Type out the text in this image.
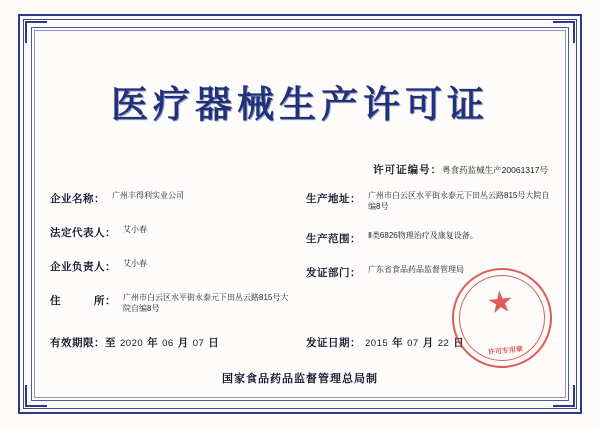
医疗器械生产许可证
许可证编号：粤食药监械生产20061317号
企业名称： 广州丰得利实业公司
法定代表人： 艾小春
企业负责人： 艾小春
住　　　所： 广州市白云区水平街永泰元下田丛云路815号大院自编8号
生产地址： 广州市白云区水平街永泰元下田丛云路815号大院自编8号
生产范围： Ⅱ类6826物理治疗及康复设备。
发证部门： 广东省食品药品监督管理局
有效期限：至 2020 年 06 月 07 日	发证日期： 2015 年 07 月 22 日
国家食品药品监督管理总局制
★
许可专用章
